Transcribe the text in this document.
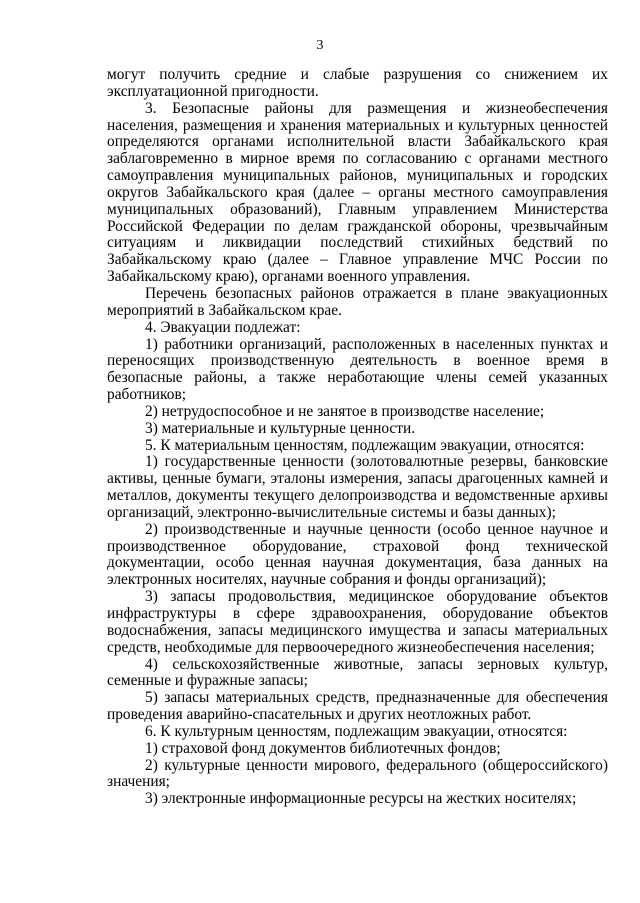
3

могут получить средние и слабые разрушения со снижением их эксплуатационной пригодности.

3. Безопасные районы для размещения и жизнеобеспечения населения, размещения и хранения материальных и культурных ценностей определяются органами исполнительной власти Забайкальского края заблаговременно в мирное время по согласованию с органами местного самоуправления муниципальных районов, муниципальных и городских округов Забайкальского края (далее – органы местного самоуправления муниципальных образований), Главным управлением Министерства Российской Федерации по делам гражданской обороны, чрезвычайным ситуациям и ликвидации последствий стихийных бедствий по Забайкальскому краю (далее – Главное управление МЧС России по Забайкальскому краю), органами военного управления.

Перечень безопасных районов отражается в плане эвакуационных мероприятий в Забайкальском крае.

4. Эвакуации подлежат:

1) работники организаций, расположенных в населенных пунктах и переносящих производственную деятельность в военное время в безопасные районы, а также неработающие члены семей указанных работников;

2) нетрудоспособное и не занятое в производстве население;

3) материальные и культурные ценности.

5. К материальным ценностям, подлежащим эвакуации, относятся:

1) государственные ценности (золотовалютные резервы, банковские активы, ценные бумаги, эталоны измерения, запасы драгоценных камней и металлов, документы текущего делопроизводства и ведомственные архивы организаций, электронно-вычислительные системы и базы данных);

2) производственные и научные ценности (особо ценное научное и производственное оборудование, страховой фонд технической документации, особо ценная научная документация, база данных на электронных носителях, научные собрания и фонды организаций);

3) запасы продовольствия, медицинское оборудование объектов инфраструктуры в сфере здравоохранения, оборудование объектов водоснабжения, запасы медицинского имущества и запасы материальных средств, необходимые для первоочередного жизнеобеспечения населения;

4) сельскохозяйственные животные, запасы зерновых культур, семенные и фуражные запасы;

5) запасы материальных средств, предназначенные для обеспечения проведения аварийно-спасательных и других неотложных работ.

6. К культурным ценностям, подлежащим эвакуации, относятся:

1) страховой фонд документов библиотечных фондов;

2) культурные ценности мирового, федерального (общероссийского) значения;

3) электронные информационные ресурсы на жестких носителях;
